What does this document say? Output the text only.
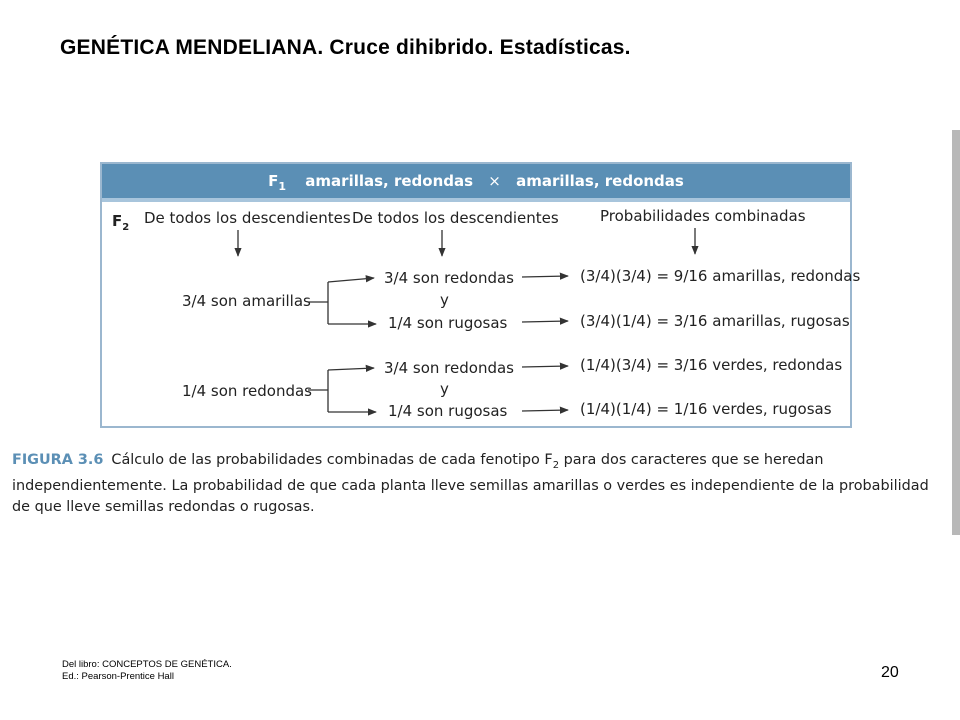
GENÉTICA MENDELIANA. Cruce dihibrido. Estadísticas.
$F_1$ amarillas, redondas × amarillas, redondas
$F_2$
De todos los descendientes De todos los descendientes	Probabilidades combinadas
3/4 son amarillas
3/4 son redondas
y
1/4 son rugosas
(3/4)(3/4) = 9/16 amarillas, redondas
(3/4)(1/4) = 3/16 amarillas, rugosas
1/4 son redondas
3/4 son redondas
y
1/4 son rugosas
(1/4)(3/4) = 3/16 verdes, redondas
(1/4)(1/4) = 1/16 verdes, rugosas
FIGURA 3.6 Cálculo de las probabilidades combinadas de cada fenotipo $F_2$ para dos caracteres que se heredan independientemente. La probabilidad de que cada planta lleve semillas amarillas o verdes es independiente de la probabilidad de que lleve semillas redondas o rugosas.
Del libro: CONCEPTOS DE GENÉTICA.
Ed.: Pearson-Prentice Hall	20
